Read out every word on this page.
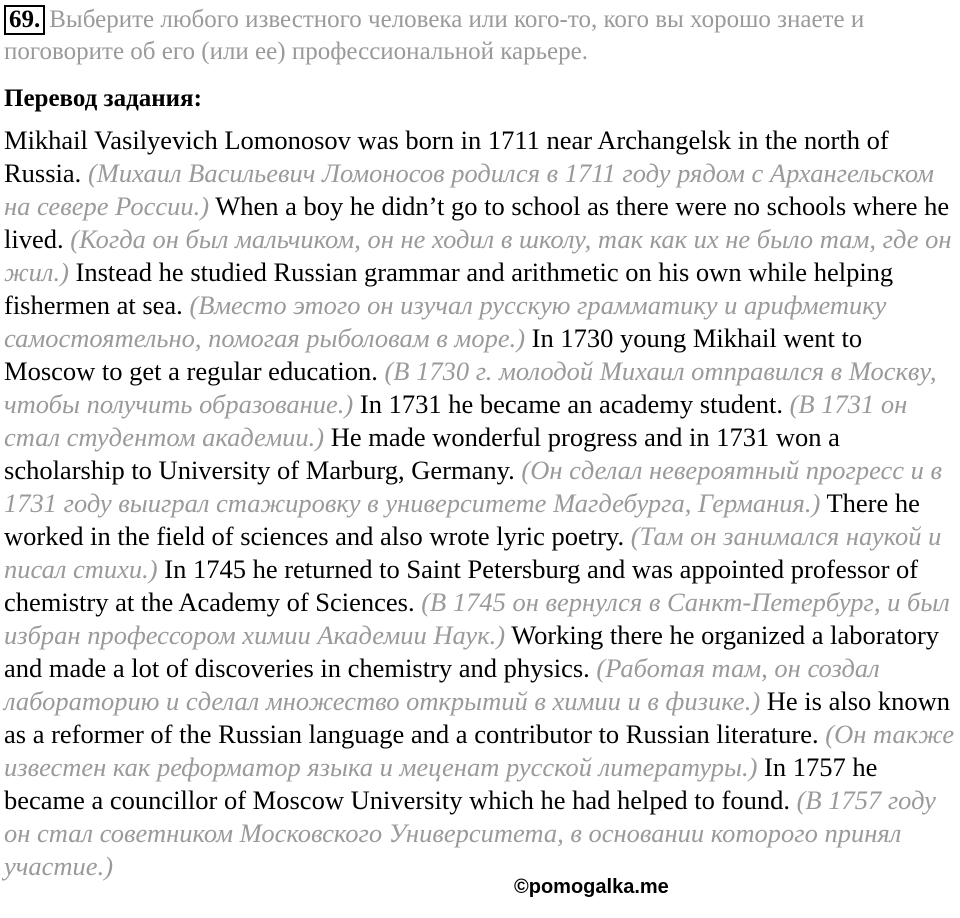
69. Выберите любого известного человека или кого-то, кого вы хорошо знаете и поговорите об его (или ее) профессиональной карьере.
Перевод задания:
Mikhail Vasilyevich Lomonosov was born in 1711 near Archangelsk in the north of Russia. (Михаил Васильевич Ломоносов родился в 1711 году рядом с Архангельском на севере России.) When a boy he didn’t go to school as there were no schools where he lived. (Когда он был мальчиком, он не ходил в школу, так как их не было там, где он жил.) Instead he studied Russian grammar and arithmetic on his own while helping fishermen at sea. (Вместо этого он изучал русскую грамматику и арифметику самостоятельно, помогая рыболовам в море.) In 1730 young Mikhail went to Moscow to get a regular education. (В 1730 г. молодой Михаил отправился в Москву, чтобы получить образование.) In 1731 he became an academy student. (В 1731 он стал студентом академии.) He made wonderful progress and in 1731 won a scholarship to University of Marburg, Germany. (Он сделал невероятный прогресс и в 1731 году выиграл стажировку в университете Магдебурга, Германия.) There he worked in the field of sciences and also wrote lyric poetry. (Там он занимался наукой и писал стихи.) In 1745 he returned to Saint Petersburg and was appointed professor of chemistry at the Academy of Sciences. (В 1745 он вернулся в Санкт-Петербург, и был избран профессором химии Академии Наук.) Working there he organized a laboratory and made a lot of discoveries in chemistry and physics. (Работая там, он создал лабораторию и сделал множество открытий в химии и в физике.) He is also known as a reformer of the Russian language and a contributor to Russian literature. (Он также известен как реформатор языка и меценат русской литературы.) In 1757 he became a councillor of Moscow University which he had helped to found. (В 1757 году он стал советником Московского Университета, в основании которого принял участие.)
©pomogalka.me
